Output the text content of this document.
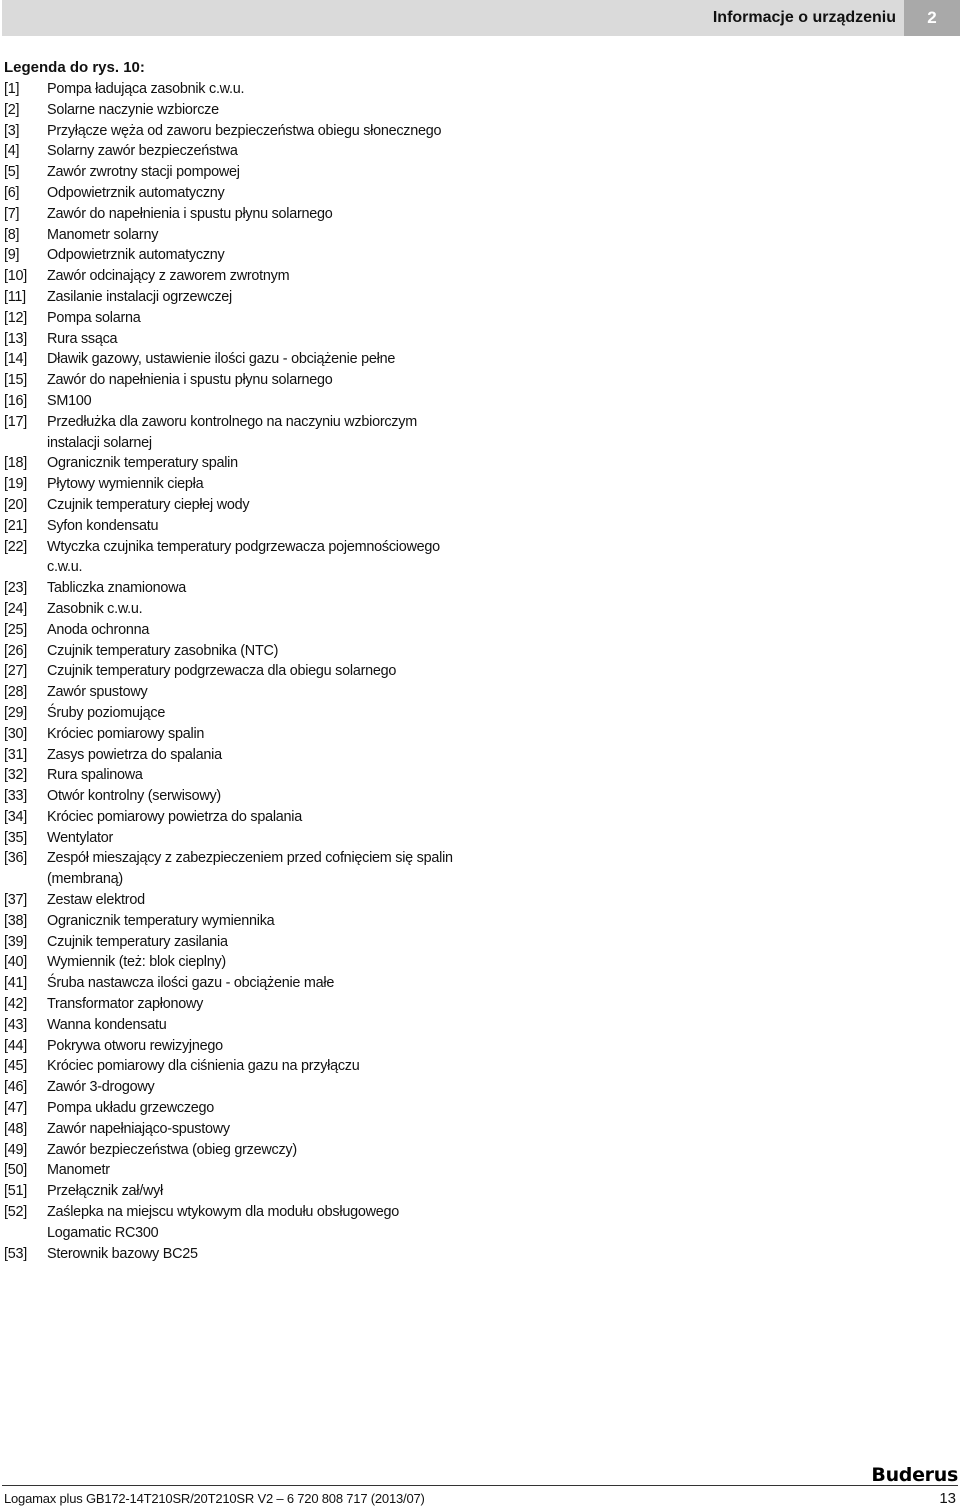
Informacje o urządzeniu	2
Legenda do rys. 10:
[1]	Pompa ładująca zasobnik c.w.u.
[2]	Solarne naczynie wzbiorcze
[3]	Przyłącze węża od zaworu bezpieczeństwa obiegu słonecznego
[4]	Solarny zawór bezpieczeństwa
[5]	Zawór zwrotny stacji pompowej
[6]	Odpowietrznik automatyczny
[7]	Zawór do napełnienia i spustu płynu solarnego
[8]	Manometr solarny
[9]	Odpowietrznik automatyczny
[10]	Zawór odcinający z zaworem zwrotnym
[11]	Zasilanie instalacji ogrzewczej
[12]	Pompa solarna
[13]	Rura ssąca
[14]	Dławik gazowy, ustawienie ilości gazu - obciążenie pełne
[15]	Zawór do napełnienia i spustu płynu solarnego
[16]	SM100
[17]	Przedłużka dla zaworu kontrolnego na naczyniu wzbiorczym instalacji solarnej
[18]	Ogranicznik temperatury spalin
[19]	Płytowy wymiennik ciepła
[20]	Czujnik temperatury ciepłej wody
[21]	Syfon kondensatu
[22]	Wtyczka czujnika temperatury podgrzewacza pojemnościowego c.w.u.
[23]	Tabliczka znamionowa
[24]	Zasobnik c.w.u.
[25]	Anoda ochronna
[26]	Czujnik temperatury zasobnika (NTC)
[27]	Czujnik temperatury podgrzewacza dla obiegu solarnego
[28]	Zawór spustowy
[29]	Śruby poziomujące
[30]	Króciec pomiarowy spalin
[31]	Zasys powietrza do spalania
[32]	Rura spalinowa
[33]	Otwór kontrolny (serwisowy)
[34]	Króciec pomiarowy powietrza do spalania
[35]	Wentylator
[36]	Zespół mieszający z zabezpieczeniem przed cofnięciem się spalin (membraną)
[37]	Zestaw elektrod
[38]	Ogranicznik temperatury wymiennika
[39]	Czujnik temperatury zasilania
[40]	Wymiennik (też: blok cieplny)
[41]	Śruba nastawcza ilości gazu - obciążenie małe
[42]	Transformator zapłonowy
[43]	Wanna kondensatu
[44]	Pokrywa otworu rewizyjnego
[45]	Króciec pomiarowy dla ciśnienia gazu na przyłączu
[46]	Zawór 3-drogowy
[47]	Pompa układu grzewczego
[48]	Zawór napełniająco-spustowy
[49]	Zawór bezpieczeństwa (obieg grzewczy)
[50]	Manometr
[51]	Przełącznik zał/wył
[52]	Zaślepka na miejscu wtykowym dla modułu obsługowego Logamatic RC300
[53]	Sterownik bazowy BC25
Buderus
Logamax plus GB172-14T210SR/20T210SR V2 – 6 720 808 717 (2013/07)	13
